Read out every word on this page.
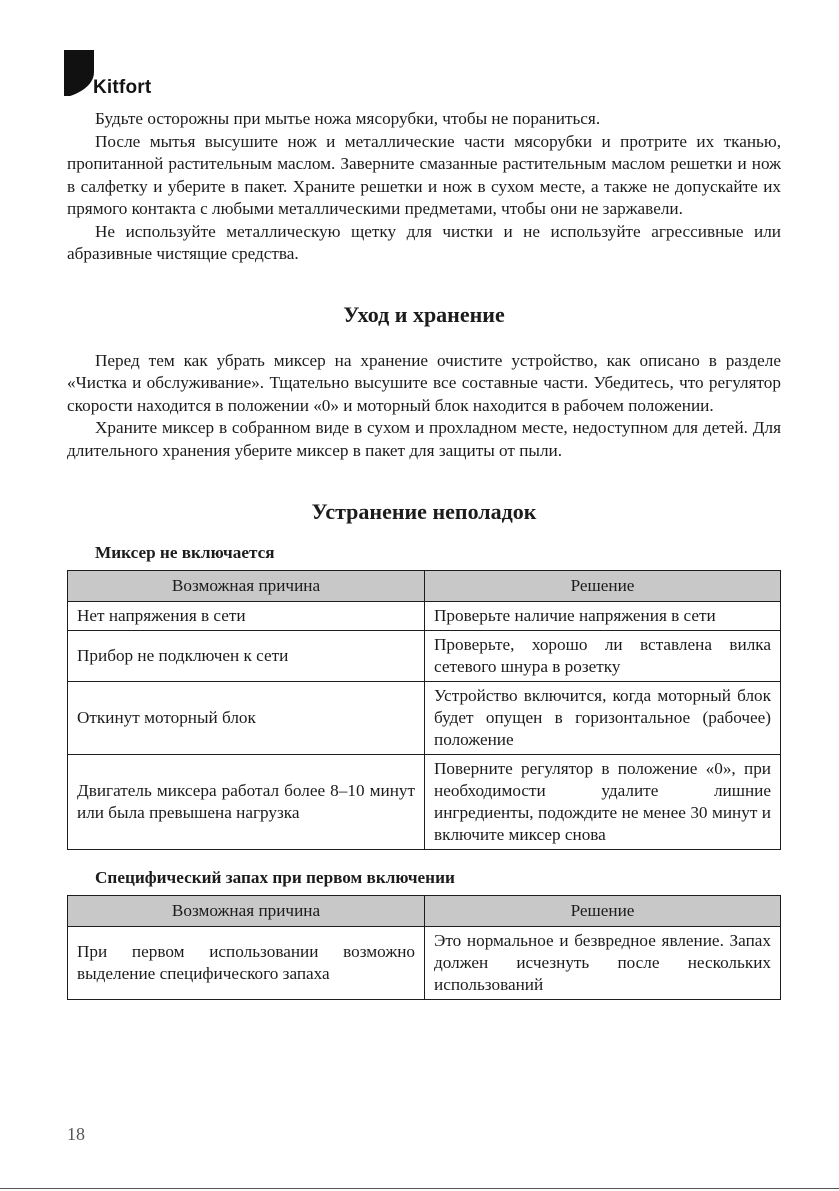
Kitfort

Будьте осторожны при мытье ножа мясорубки, чтобы не пораниться.

После мытья высушите нож и металлические части мясорубки и протрите их тканью, пропитанной растительным маслом. Заверните смазанные растительным маслом решетки и нож в салфетку и уберите в пакет. Храните решетки и нож в сухом месте, а также не допускайте их прямого контакта с любыми металлическими предметами, чтобы они не заржавели.

Не используйте металлическую щетку для чистки и не используйте агрессивные или абразивные чистящие средства.

Уход и хранение

Перед тем как убрать миксер на хранение очистите устройство, как описано в разделе «Чистка и обслуживание». Тщательно высушите все составные части. Убедитесь, что регулятор скорости находится в положении «0» и моторный блок находится в рабочем положении.

Храните миксер в собранном виде в сухом и прохладном месте, недоступном для детей. Для длительного хранения уберите миксер в пакет для защиты от пыли.

Устранение неполадок
Миксер не включается
Возможная причина	Решение
Нет напряжения в сети	Проверьте наличие напряжения в сети
Прибор не подключен к сети	Проверьте, хорошо ли вставлена вилка сетевого шнура в розетку
Откинут моторный блок	Устройство включится, когда моторный блок будет опущен в горизонтальное (рабочее) положение
Двигатель миксера работал более 8–10 минут или была превышена нагрузка	Поверните регулятор в положение «0», при необходимости удалите лишние ингредиенты, подождите не менее 30 минут и включите миксер снова
Специфический запах при первом включении
Возможная причина	Решение
При первом использовании возможно выделение специфического запаха	Это нормальное и безвредное явление. Запах должен исчезнуть после нескольких использований
18
